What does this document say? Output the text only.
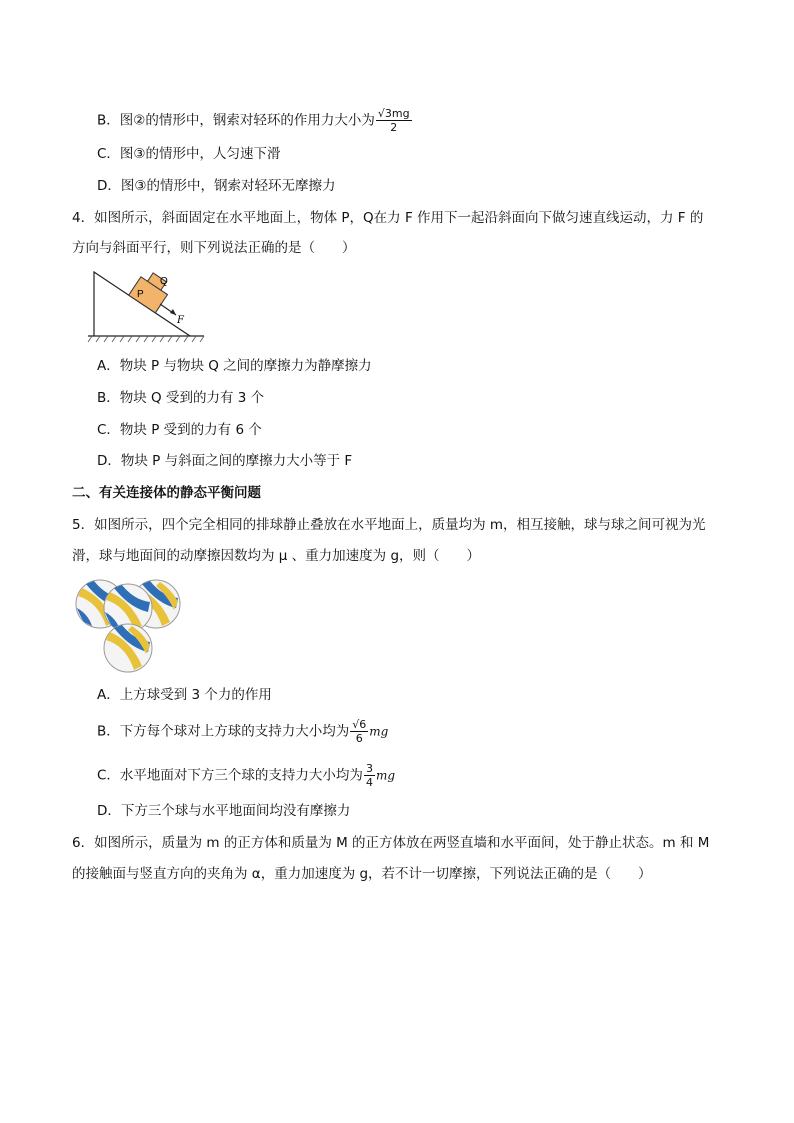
B．图②的情形中，钢索对轻环的作用力大小为 $\frac{√3mg}{2}$
C．图③的情形中，人匀速下滑
D．图③的情形中，钢索对轻环无摩擦力
4．如图所示，斜面固定在水平地面上，物体 P，Q在力 F 作用下一起沿斜面向下做匀速直线运动，力 F 的
方向与斜面平行，则下列说法正确的是（　　）
P
Q
F
A．物块 P 与物块 Q 之间的摩擦力为静摩擦力
B．物块 Q 受到的力有 3 个
C．物块 P 受到的力有 6 个
D．物块 P 与斜面之间的摩擦力大小等于 F
二、有关连接体的静态平衡问题
5．如图所示，四个完全相同的排球静止叠放在水平地面上，质量均为 m，相互接触，球与球之间可视为光
滑，球与地面间的动摩擦因数均为 μ 、重力加速度为 g，则（　　）
A．上方球受到 3 个力的作用
B．下方每个球对上方球的支持力大小均为 $\frac{√6}{6}$ mg
C．水平地面对下方三个球的支持力大小均为 $\frac{3}{4}$ mg
D．下方三个球与水平地面间均没有摩擦力
6．如图所示，质量为 m 的正方体和质量为 M 的正方体放在两竖直墙和水平面间，处于静止状态。m 和 M
的接触面与竖直方向的夹角为 α，重力加速度为 g，若不计一切摩擦，下列说法正确的是（　　）
